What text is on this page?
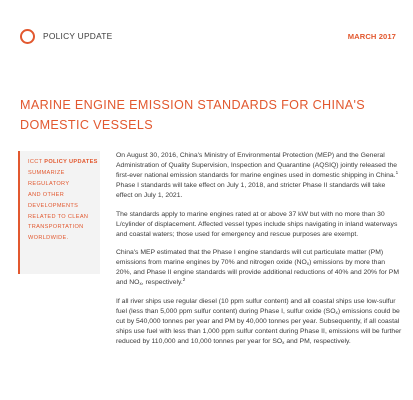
POLICY UPDATE	MARCH 2017
MARINE ENGINE EMISSION STANDARDS FOR CHINA'S
DOMESTIC VESSELS
ICCT POLICY UPDATES
SUMMARIZE
REGULATORY
AND OTHER
DEVELOPMENTS
RELATED TO CLEAN
TRANSPORTATION
WORLDWIDE.

On August 30, 2016, China's Ministry of Environmental Protection (MEP) and the General Administration of Quality Supervision, Inspection and Quarantine (AQSIQ) jointly released the first-ever national emission standards for marine engines used in domestic shipping in China.$^1$ Phase I standards will take effect on July 1, 2018, and stricter Phase II standards will take effect on July 1, 2021.

The standards apply to marine engines rated at or above 37 kW but with no more than 30 L/cylinder of displacement. Affected vessel types include ships navigating in inland waterways and coastal waters; those used for emergency and rescue purposes are exempt.

China's MEP estimated that the Phase I engine standards will cut particulate matter (PM) emissions from marine engines by 70% and nitrogen oxide $(NO_x)$ emissions by more than 20%, and Phase II engine standards will provide additional reductions of 40% and 20% for PM and $NO_x$, respectively.$^2$

If all river ships use regular diesel (10 ppm sulfur content) and all coastal ships use low-sulfur fuel (less than 5,000 ppm sulfur content) during Phase I, sulfur oxide $(SO_x)$ emissions could be cut by 540,000 tonnes per year and PM by 40,000 tonnes per year. Subsequently, if all coastal ships use fuel with less than 1,000 ppm sulfur content during Phase II, emissions will be further reduced by 110,000 and 10,000 tonnes per year for $SO_x$ and PM, respectively.
